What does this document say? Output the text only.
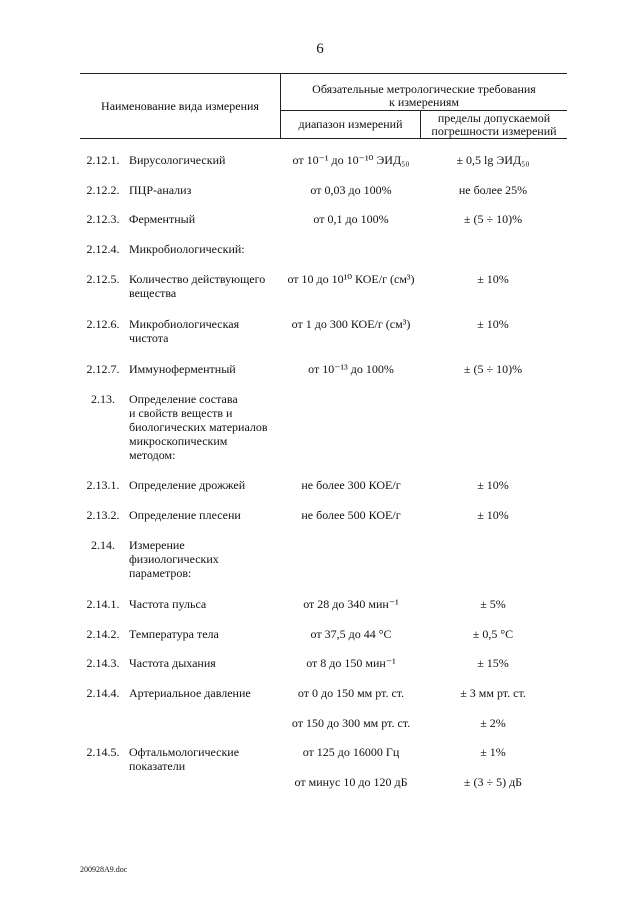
6
Наименование вида измерения
Обязательные метрологические требования
к измерениям
диапазон измерений	пределы допускаемой
погрешности измерений
2.12.1. Вирусологический	от 10⁻¹ до 10⁻¹⁰ ЭИД₅₀	± 0,5 lg ЭИД₅₀
2.12.2. ПЦР-анализ	от 0,03 до 100%	не более 25%
2.12.3. Ферментный	от 0,1 до 100%	± (5 ÷ 10)%
2.12.4. Микробиологический:
2.12.5. Количество действующего
вещества
от 10 до 10¹⁰ КОЕ/г (см³)	± 10%
2.12.6. Микробиологическая
чистота
от 1 до 300 КОЕ/г (см³)	± 10%
2.12.7. Иммуноферментный	от 10⁻¹³ до 100%	± (5 ÷ 10)%
2.13.	Определение состава
и свойств веществ и
биологических материалов
микроскопическим
методом:
2.13.1. Определение дрожжей	не более 300 КОЕ/г	± 10%
2.13.2. Определение плесени	не более 500 КОЕ/г	± 10%
2.14.	Измерение
физиологических
параметров:
2.14.1. Частота пульса	от 28 до 340 мин⁻¹	± 5%
2.14.2. Температура тела	от 37,5 до 44 °С	± 0,5 °С
2.14.3. Частота дыхания	от 8 до 150 мин⁻¹	± 15%
2.14.4. Артериальное давление	от 0 до 150 мм рт. ст.	± 3 мм рт. ст.
от 150 до 300 мм рт. ст.	± 2%
2.14.5. Офтальмологические
показатели
от 125 до 16000 Гц	± 1%
от минус 10 до 120 дБ	± (3 ÷ 5) дБ
200928A9.doc
